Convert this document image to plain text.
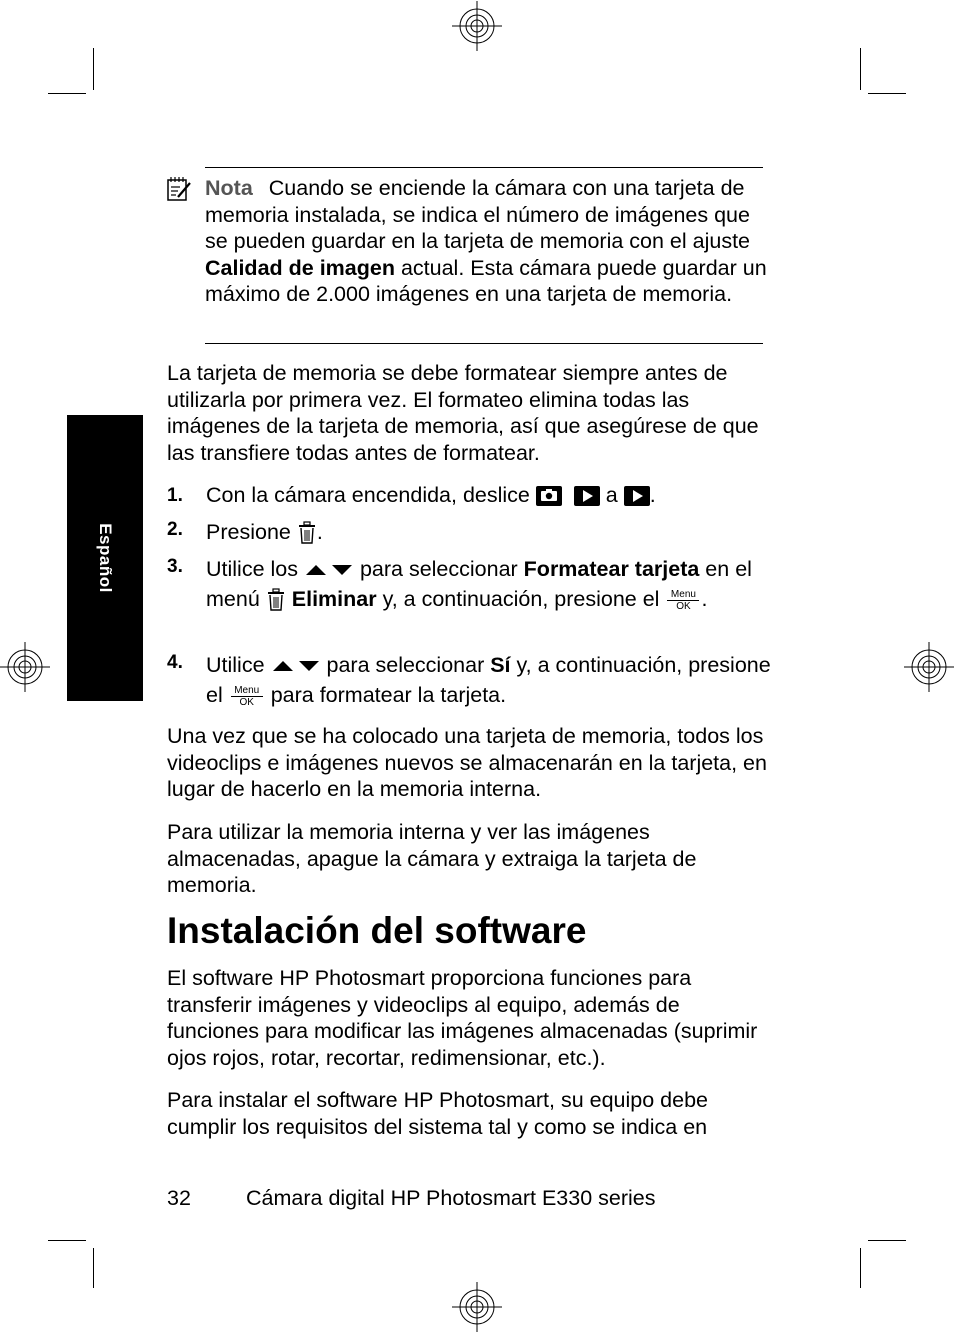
Español
Nota Cuando se enciende la cámara con una tarjeta de memoria instalada, se indica el número de imágenes que se pueden guardar en la tarjeta de memoria con el ajuste Calidad de imagen actual. Esta cámara puede guardar un máximo de 2.000 imágenes en una tarjeta de memoria.

La tarjeta de memoria se debe formatear siempre antes de utilizarla por primera vez. El formateo elimina todas las imágenes de la tarjeta de memoria, así que asegúrese de que las transfiere todas antes de formatear.

1. Con la cámara encendida, deslice	a .
2. Presione .
3. Utilice los  para seleccionar Formatear tarjeta en el menú  Eliminar y, a continuación, presione el Menu
OK .
4. Utilice  para seleccionar Sí y, a continuación, presione el Menu
OK para formatear la tarjeta.

Una vez que se ha colocado una tarjeta de memoria, todos los videoclips e imágenes nuevos se almacenarán en la tarjeta, en lugar de hacerlo en la memoria interna.

Para utilizar la memoria interna y ver las imágenes almacenadas, apague la cámara y extraiga la tarjeta de memoria.

Instalación del software

El software HP Photosmart proporciona funciones para transferir imágenes y videoclips al equipo, además de funciones para modificar las imágenes almacenadas (suprimir ojos rojos, rotar, recortar, redimensionar, etc.).

Para instalar el software HP Photosmart, su equipo debe cumplir los requisitos del sistema tal y como se indica en

32	Cámara digital HP Photosmart E330 series
